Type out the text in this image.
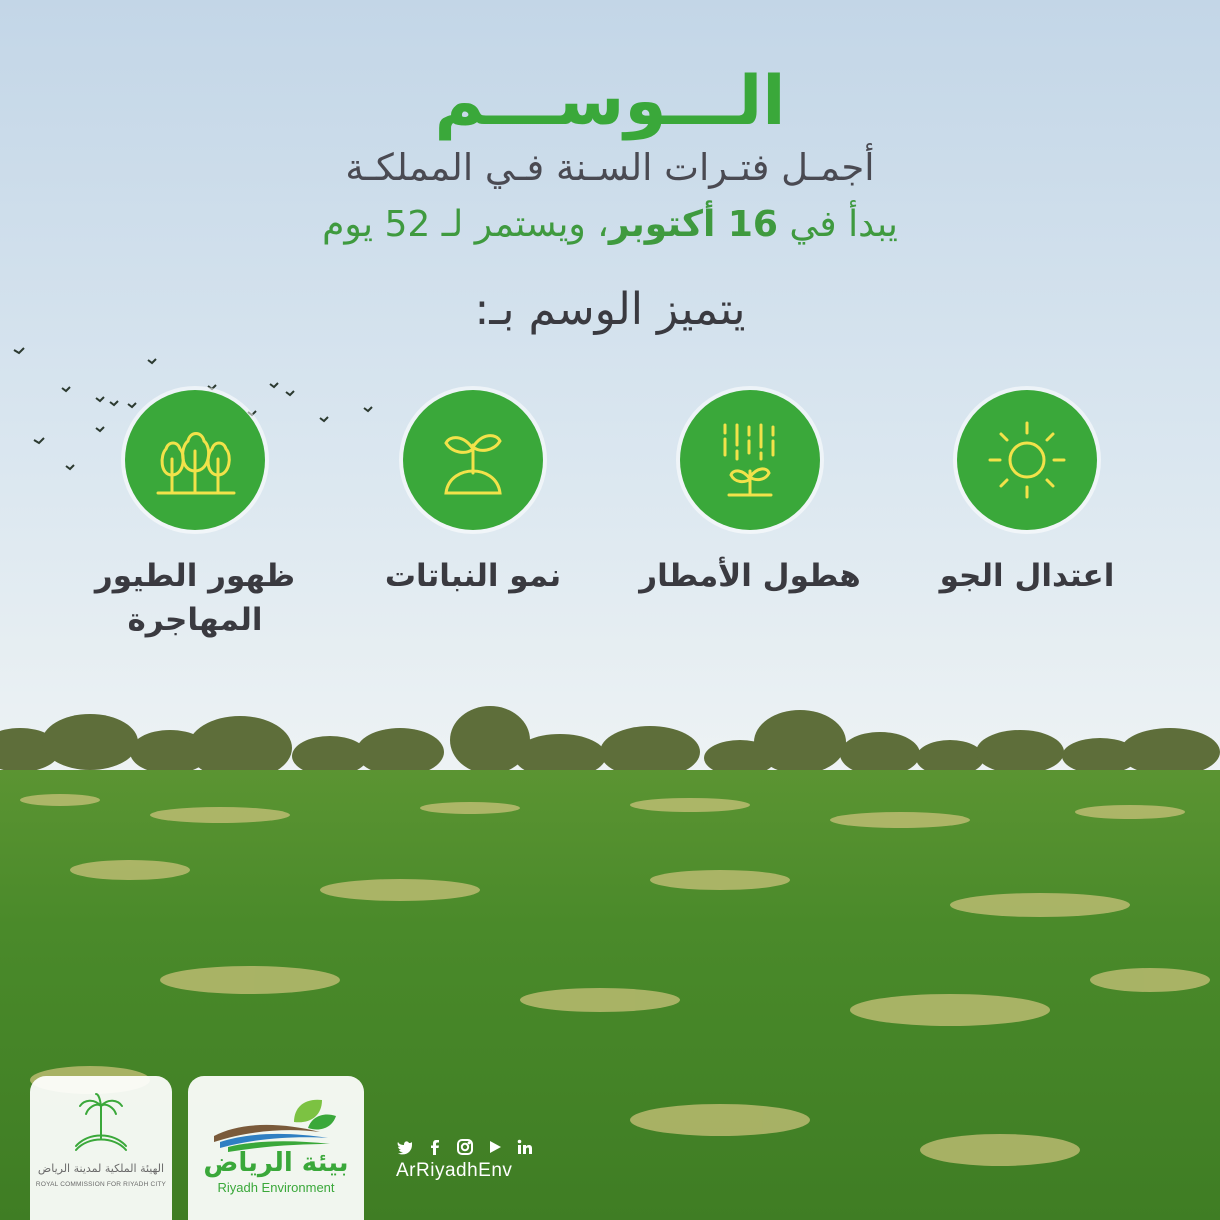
الـــوســـم

أجمـل فتـرات السـنة فـي المملكـة

يبدأ في 16 أكتوبر، ويستمر لـ 52 يوم

يتميز الوسم بـ:

اعتدال الجو
هطول الأمطار
نمو النباتات
ظهور الطيور المهاجرة
الهيئة الملكية لمدينة الرياض
ROYAL COMMISSION FOR RIYADH CITY
بيئة الرياض
Riyadh Environment
ArRiyadhEnv
